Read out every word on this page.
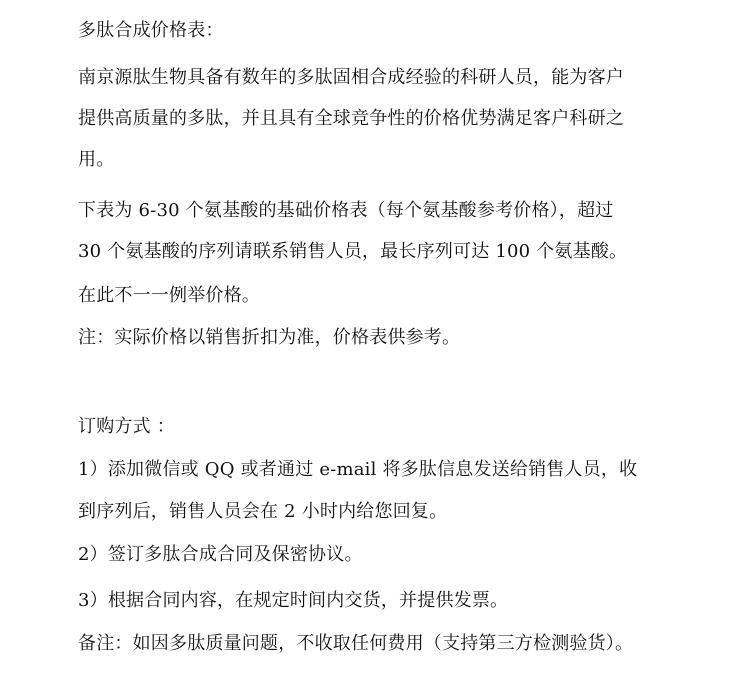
多肽合成价格表：
南京源肽生物具备有数年的多肽固相合成经验的科研人员，能为客户
提供高质量的多肽，并且具有全球竞争性的价格优势满足客户科研之
用。
下表为 6-30 个氨基酸的基础价格表（每个氨基酸参考价格），超过
30 个氨基酸的序列请联系销售人员，最长序列可达 100 个氨基酸。
在此不一一例举价格。
注：实际价格以销售折扣为准，价格表供参考。
订购方式 ：
1）添加微信或 QQ 或者通过 e-mail 将多肽信息发送给销售人员，收
到序列后，销售人员会在 2 小时内给您回复。
2）签订多肽合成合同及保密协议。
3）根据合同内容，在规定时间内交货，并提供发票。
备注：如因多肽质量问题，不收取任何费用（支持第三方检测验货）。
